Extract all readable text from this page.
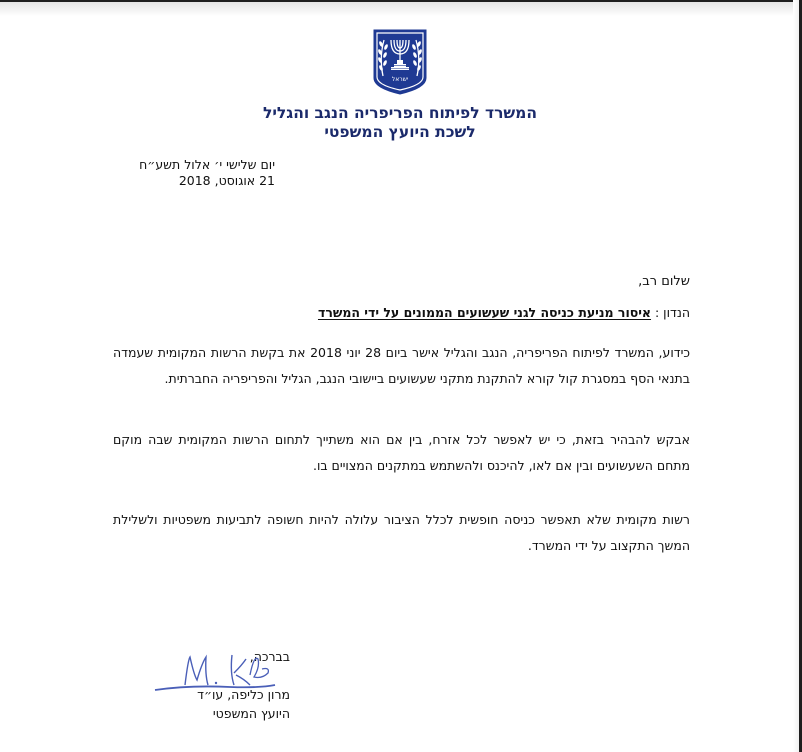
ישראל
המשרד לפיתוח הפריפריה הנגב והגליל
לשכת היועץ המשפטי
יום שלישי י׳ אלול תשע״ח
21 אוגוסט, 2018
שלום רב,
הנדון : איסור מניעת כניסה לגני שעשועים הממונים על ידי המשרד
כידוע, המשרד לפיתוח הפריפריה, הנגב והגליל אישר ביום 28 יוני 2018 את בקשת הרשות המקומית שעמדה בתנאי הסף במסגרת קול קורא להתקנת מתקני שעשועים ביישובי הנגב, הגליל והפריפריה החברתית.
אבקש להבהיר בזאת, כי יש לאפשר לכל אזרח, בין אם הוא משתייך לתחום הרשות המקומית שבה מוקם מתחם השעשועים ובין אם לאו, להיכנס ולהשתמש במתקנים המצויים בו.
רשות מקומית שלא תאפשר כניסה חופשית לכלל הציבור עלולה להיות חשופה לתביעות משפטיות ולשלילת המשך התקצוב על ידי המשרד.
בברכה,
מרון כליפה, עו״ד
היועץ המשפטי
